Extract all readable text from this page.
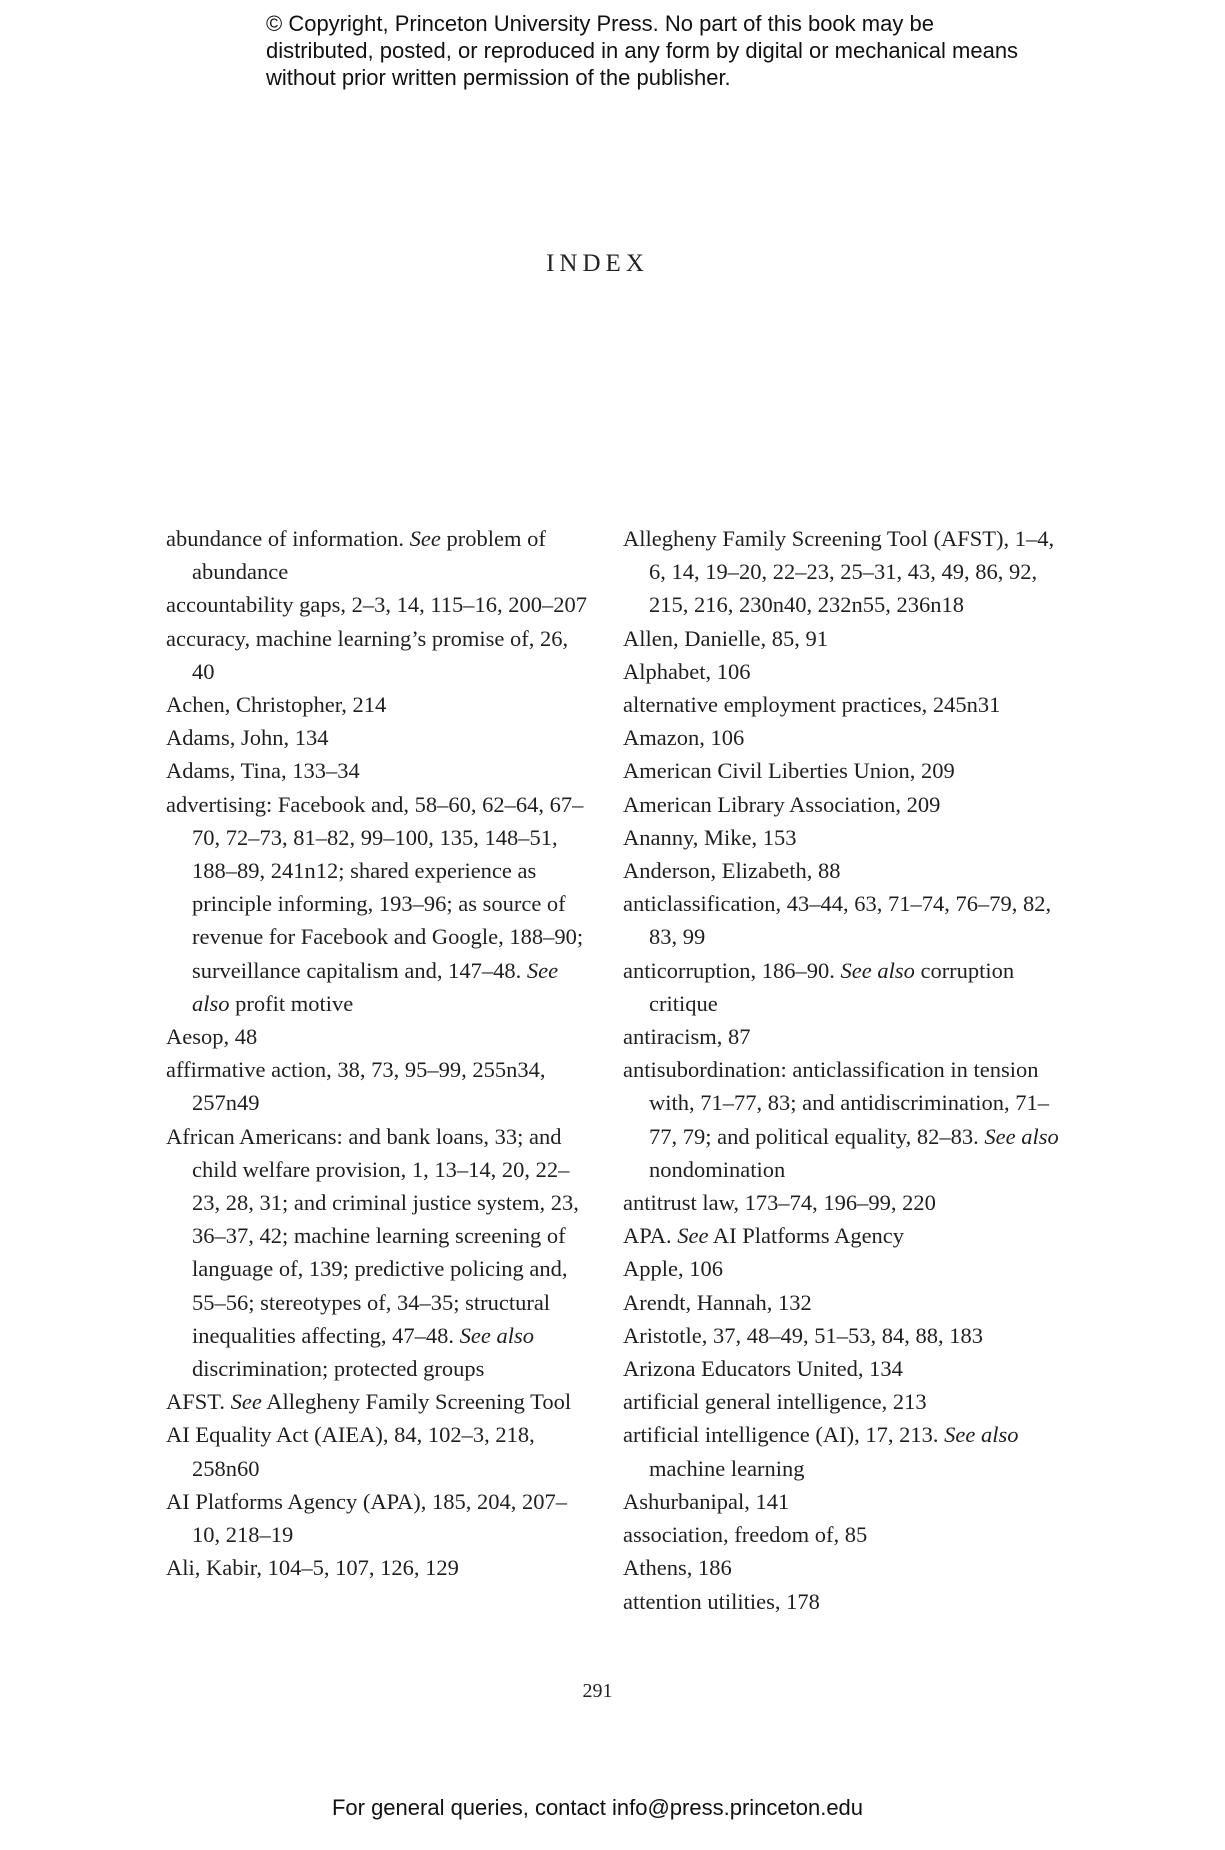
© Copyright, Princeton University Press. No part of this book may be distributed, posted, or reproduced in any form by digital or mechanical means without prior written permission of the publisher.
INDEX

abundance of information. See problem of abundance

accountability gaps, 2–3, 14, 115–16, 200–207

accuracy, machine learning’s promise of, 26, 40

Achen, Christopher, 214

Adams, John, 134

Adams, Tina, 133–34

advertising: Facebook and, 58–60, 62–64, 67–70, 72–73, 81–82, 99–100, 135, 148–51, 188–89, 241n12; shared experience as principle informing, 193–96; as source of revenue for Facebook and Google, 188–90; surveillance capitalism and, 147–48. See also profit motive

Aesop, 48

affirmative action, 38, 73, 95–99, 255n34, 257n49

African Americans: and bank loans, 33; and child welfare provision, 1, 13–14, 20, 22–23, 28, 31; and criminal justice system, 23, 36–37, 42; machine learning screening of language of, 139; predictive policing and, 55–56; stereotypes of, 34–35; structural inequalities affecting, 47–48. See also discrimination; protected groups

AFST. See Allegheny Family Screening Tool

AI Equality Act (AIEA), 84, 102–3, 218, 258n60

AI Platforms Agency (APA), 185, 204, 207–10, 218–19

Ali, Kabir, 104–5, 107, 126, 129

Allegheny Family Screening Tool (AFST), 1–4, 6, 14, 19–20, 22–23, 25–31, 43, 49, 86, 92, 215, 216, 230n40, 232n55, 236n18

Allen, Danielle, 85, 91

Alphabet, 106

alternative employment practices, 245n31

Amazon, 106

American Civil Liberties Union, 209

American Library Association, 209

Ananny, Mike, 153

Anderson, Elizabeth, 88

anticlassification, 43–44, 63, 71–74, 76–79, 82, 83, 99

anticorruption, 186–90. See also corruption critique

antiracism, 87

antisubordination: anticlassification in tension with, 71–77, 83; and antidiscrimination, 71–77, 79; and political equality, 82–83. See also nondomination

antitrust law, 173–74, 196–99, 220

APA. See AI Platforms Agency

Apple, 106

Arendt, Hannah, 132

Aristotle, 37, 48–49, 51–53, 84, 88, 183

Arizona Educators United, 134

artificial general intelligence, 213

artificial intelligence (AI), 17, 213. See also machine learning

Ashurbanipal, 141

association, freedom of, 85

Athens, 186

attention utilities, 178

291
For general queries, contact info@press.princeton.edu
